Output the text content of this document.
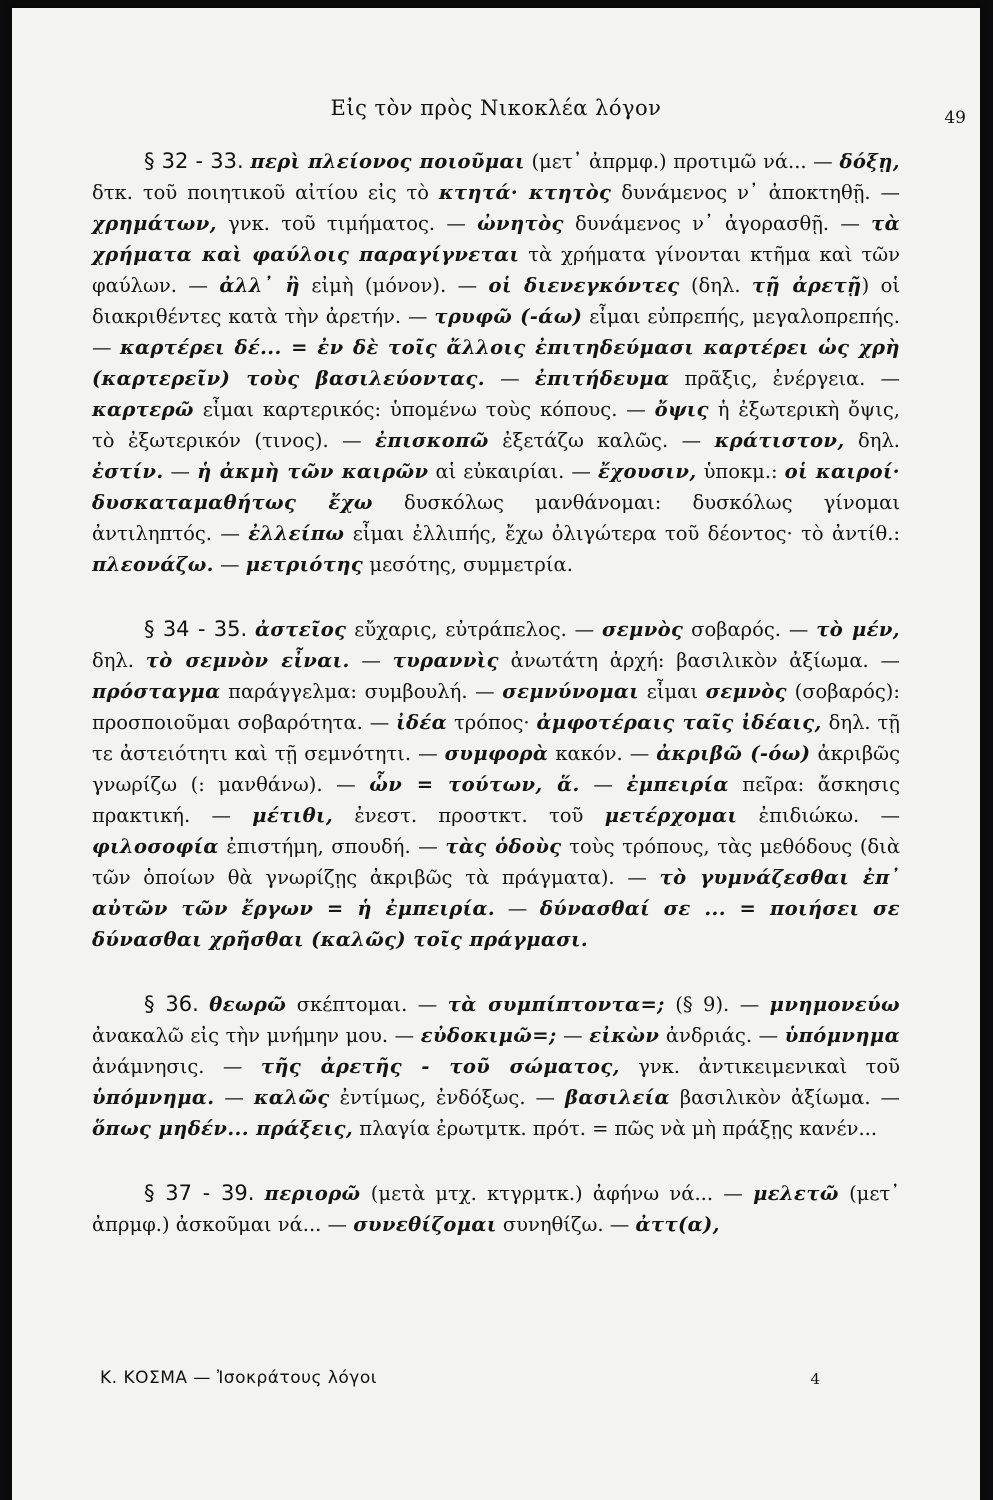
Εἰς τὸν πρὸς Νικοκλέα λόγον	49

§ 32 - 33. περὶ πλείονος ποιοῦμαι (μετ᾽ ἀπρμφ.) προτιμῶ νά... — δόξῃ, δτκ. τοῦ ποιητικοῦ αἰτίου εἰς τὸ κτητά· κτητὸς δυνάμενος ν᾽ ἀποκτηθῇ. — χρημάτων, γνκ. τοῦ τιμήματος. — ὠνητὸς δυνάμενος ν᾽ ἀγορασθῇ. — τὰ χρήματα καὶ φαύλοις παραγίγνεται τὰ χρήματα γίνονται κτῆμα καὶ τῶν φαύλων. — ἀλλ᾽ ἢ εἰμὴ (μόνον). — οἱ διενεγκόντες (δηλ. τῇ ἀρετῇ) οἱ διακριθέντες κατὰ τὴν ἀρετήν. — τρυφῶ (-άω) εἶμαι εὐπρεπής, μεγαλοπρεπής. — καρτέρει δέ... = ἐν δὲ τοῖς ἄλλοις ἐπιτηδεύμασι καρτέρει ὡς χρὴ (καρτερεῖν) τοὺς βασιλεύοντας. — ἐπιτήδευμα πρᾶξις, ἐνέργεια. — καρτερῶ εἶμαι καρτερικός: ὑπομένω τοὺς κόπους. — ὄψις ἡ ἐξωτερικὴ ὄψις, τὸ ἐξωτερικόν (τινος). — ἐπισκοπῶ ἐξετάζω καλῶς. — κράτιστον, δηλ. ἐστίν. — ἡ ἀκμὴ τῶν καιρῶν αἱ εὐκαιρίαι. — ἔχουσιν, ὑποκμ.: οἱ καιροί· δυσκαταμαθήτως ἔχω δυσκόλως μανθάνομαι: δυσκόλως γίνομαι ἀντιληπτός. — ἐλλείπω εἶμαι ἐλλιπής, ἔχω ὀλιγώτερα τοῦ δέοντος· τὸ ἀντίθ.: πλεονάζω. — μετριότης μεσότης, συμμετρία.

§ 34 - 35. ἀστεῖος εὔχαρις, εὐτράπελος. — σεμνὸς σοβαρός. — τὸ μέν, δηλ. τὸ σεμνὸν εἶναι. — τυραννὶς ἀνωτάτη ἀρχή: βασιλικὸν ἀξίωμα. — πρόσταγμα παράγγελμα: συμβουλή. — σεμνύνομαι εἶμαι σεμνὸς (σοβαρός): προσποιοῦμαι σοβαρότητα. — ἰδέα τρόπος· ἀμφοτέραις ταῖς ἰδέαις, δηλ. τῇ τε ἀστειότητι καὶ τῇ σεμνότητι. — συμφορὰ κακόν. — ἀκριβῶ (-όω) ἀκριβῶς γνωρίζω (: μανθάνω). — ὧν = τούτων, ἅ. — ἐμπειρία πεῖρα: ἄσκησις πρακτική. — μέτιθι, ἐνεστ. προστκτ. τοῦ μετέρχομαι ἐπιδιώκω. — φιλοσοφία ἐπιστήμη, σπουδή. — τὰς ὁδοὺς τοὺς τρόπους, τὰς μεθόδους (διὰ τῶν ὁποίων θὰ γνωρίζῃς ἀκριβῶς τὰ πράγματα). — τὸ γυμνάζεσθαι ἐπ᾽ αὐτῶν τῶν ἔργων = ἡ ἐμπειρία. — δύνασθαί σε ... = ποιήσει σε δύνασθαι χρῆσθαι (καλῶς) τοῖς πράγμασι.

§ 36. θεωρῶ σκέπτομαι. — τὰ συμπίπτοντα=; (§ 9). — μνημονεύω ἀνακαλῶ εἰς τὴν μνήμην μου. — εὐδοκιμῶ=; — εἰκὼν ἀνδριάς. — ὑπόμνημα ἀνάμνησις. — τῆς ἀρετῆς - τοῦ σώματος, γνκ. ἀντικειμενικαὶ τοῦ ὑπόμνημα. — καλῶς ἐντίμως, ἐνδόξως. — βασιλεία βασιλικὸν ἀξίωμα. — ὅπως μηδέν... πράξεις, πλαγία ἐρωτμτκ. πρότ. = πῶς νὰ μὴ πράξῃς κανέν...

§ 37 - 39. περιορῶ (μετὰ μτχ. κτγρμτκ.) ἀφήνω νά... — μελετῶ (μετ᾽ ἀπρμφ.) ἀσκοῦμαι νά... — συνεθίζομαι συνηθίζω. — ἀττ(α),

Κ. ΚΟΣΜΑ — Ἰσοκράτους λόγοι	4
